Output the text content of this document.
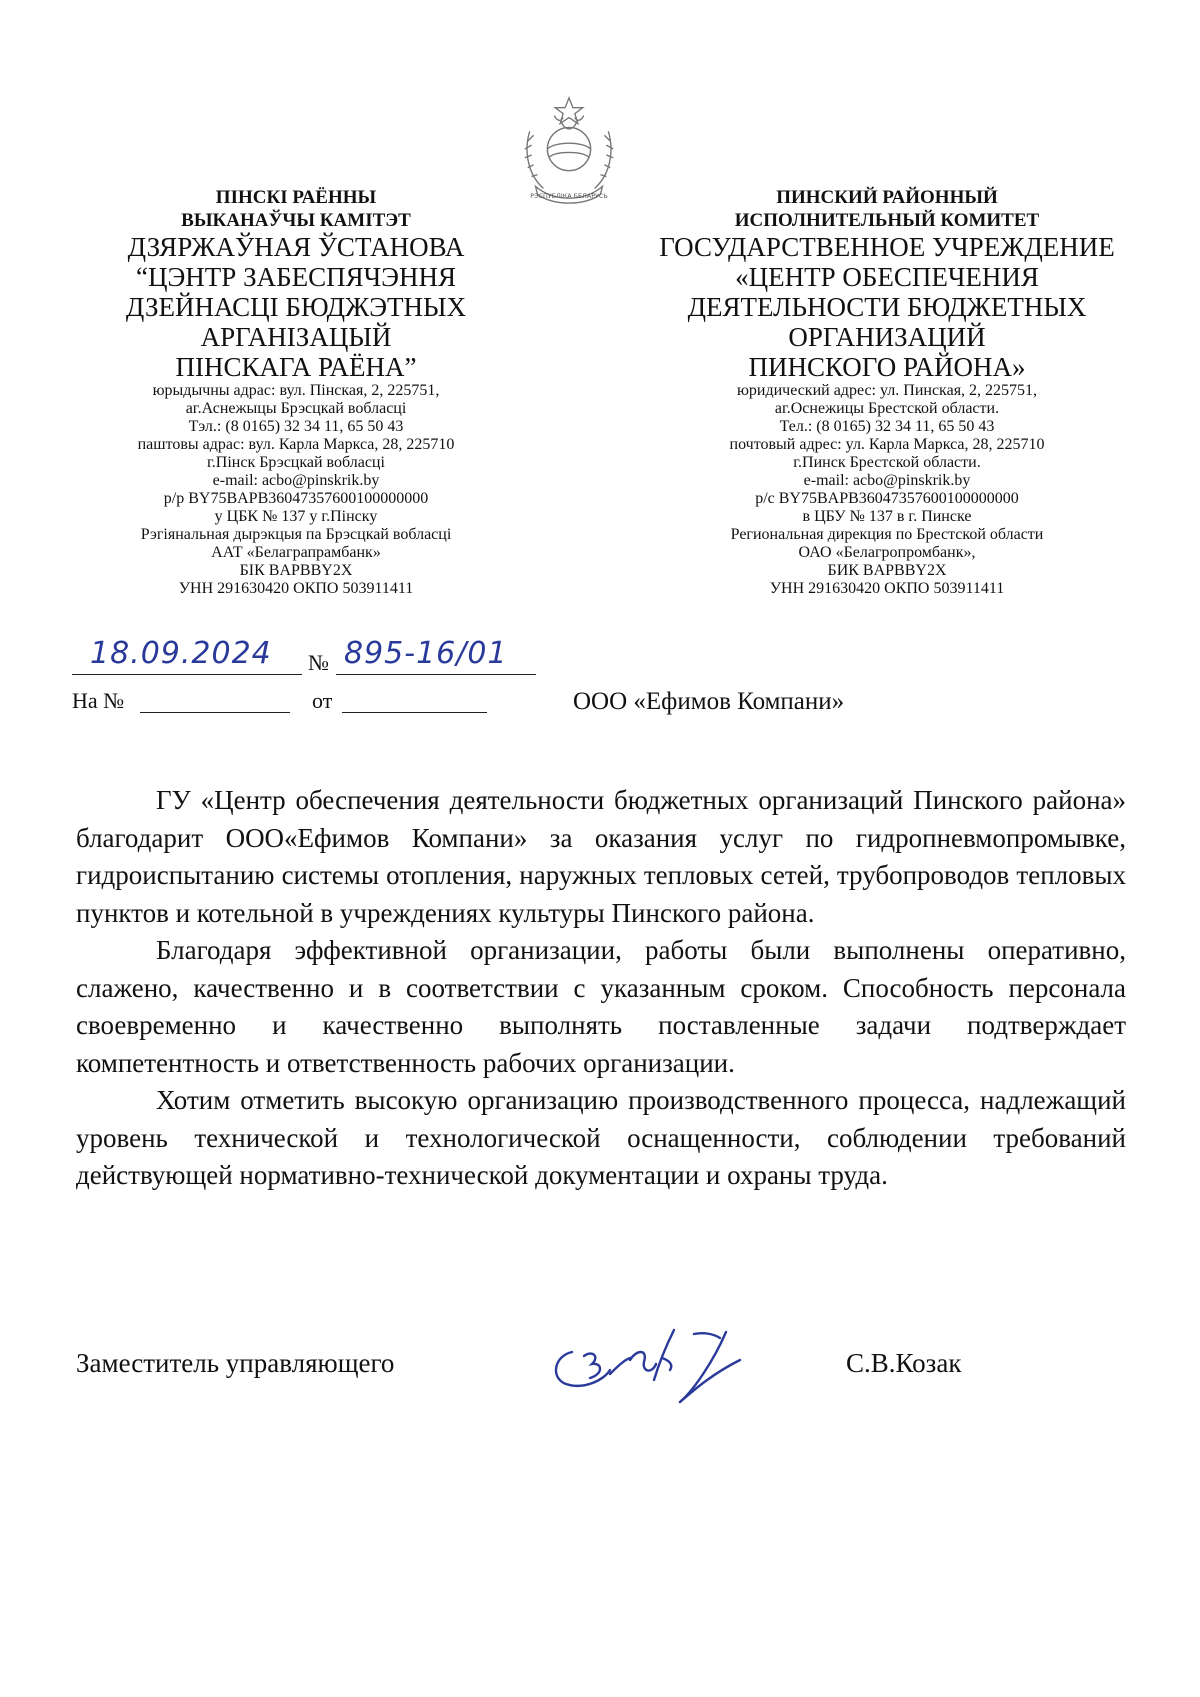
РЭСПУБЛІКА БЕЛАРУСЬ
ПІНСКІ РАЁННЫ
ВЫКАНАЎЧЫ КАМІТЭТ
ДЗЯРЖАЎНАЯ ЎСТАНОВА
“ЦЭНТР ЗАБЕСПЯЧЭННЯ
ДЗЕЙНАСЦІ БЮДЖЭТНЫХ
АРГАНІЗАЦЫЙ
ПІНСКАГА РАЁНА”
юрыдычны адрас: вул. Пінская, 2, 225751,
аг.Аснежыцы Брэсцкай вобласці
Тэл.: (8 0165) 32 34 11, 65 50 43
паштовы адрас: вул. Карла Маркса, 28, 225710
г.Пінск Брэсцкай вобласці
e-mail: acbo@pinskrik.by
р/р BY75BAPB36047357600100000000
у ЦБК № 137 у г.Пінску
Рэгіянальная дырэкцыя па Брэсцкай вобласці
ААТ «Белаграпрамбанк»
БІК BAPBBY2X
УНН 291630420 ОКПО 503911411
ПИНСКИЙ РАЙОННЫЙ
ИСПОЛНИТЕЛЬНЫЙ КОМИТЕТ
ГОСУДАРСТВЕННОЕ УЧРЕЖДЕНИЕ
«ЦЕНТР ОБЕСПЕЧЕНИЯ
ДЕЯТЕЛЬНОСТИ БЮДЖЕТНЫХ
ОРГАНИЗАЦИЙ
ПИНСКОГО РАЙОНА»
юридический адрес: ул. Пинская, 2, 225751,
аг.Оснежицы Брестской области.
Тел.: (8 0165) 32 34 11, 65 50 43
почтовый адрес: ул. Карла Маркса, 28, 225710
г.Пинск Брестской области.
e-mail: acbo@pinskrik.by
р/с BY75BAPB36047357600100000000
в ЦБУ № 137 в г. Пинске
Региональная дирекция по Брестской области
ОАО «Белагропромбанк»,
БИК BAPBBY2X
УНН 291630420 ОКПО 503911411
18.09.2024 № 895-16/01
На №	от	ООО «Ефимов Компани»

ГУ «Центр обеспечения деятельности бюджетных организаций Пинского района» благодарит ООО«Ефимов Компани» за оказания услуг по гидропневмопромывке, гидроиспытанию системы отопления, наружных тепловых сетей, трубопроводов тепловых пунктов и котельной в учреждениях культуры Пинского района.

Благодаря эффективной организации, работы были выполнены оперативно, слажено, качественно и в соответствии с указанным сроком. Способность персонала своевременно и качественно выполнять поставленные задачи подтверждает компетентность и ответственность рабочих организации.

Хотим отметить высокую организацию производственного процесса, надлежащий уровень технической и технологической оснащенности, соблюдении требований действующей нормативно-технической документации и охраны труда.

Заместитель управляющего	С.В.Козак
